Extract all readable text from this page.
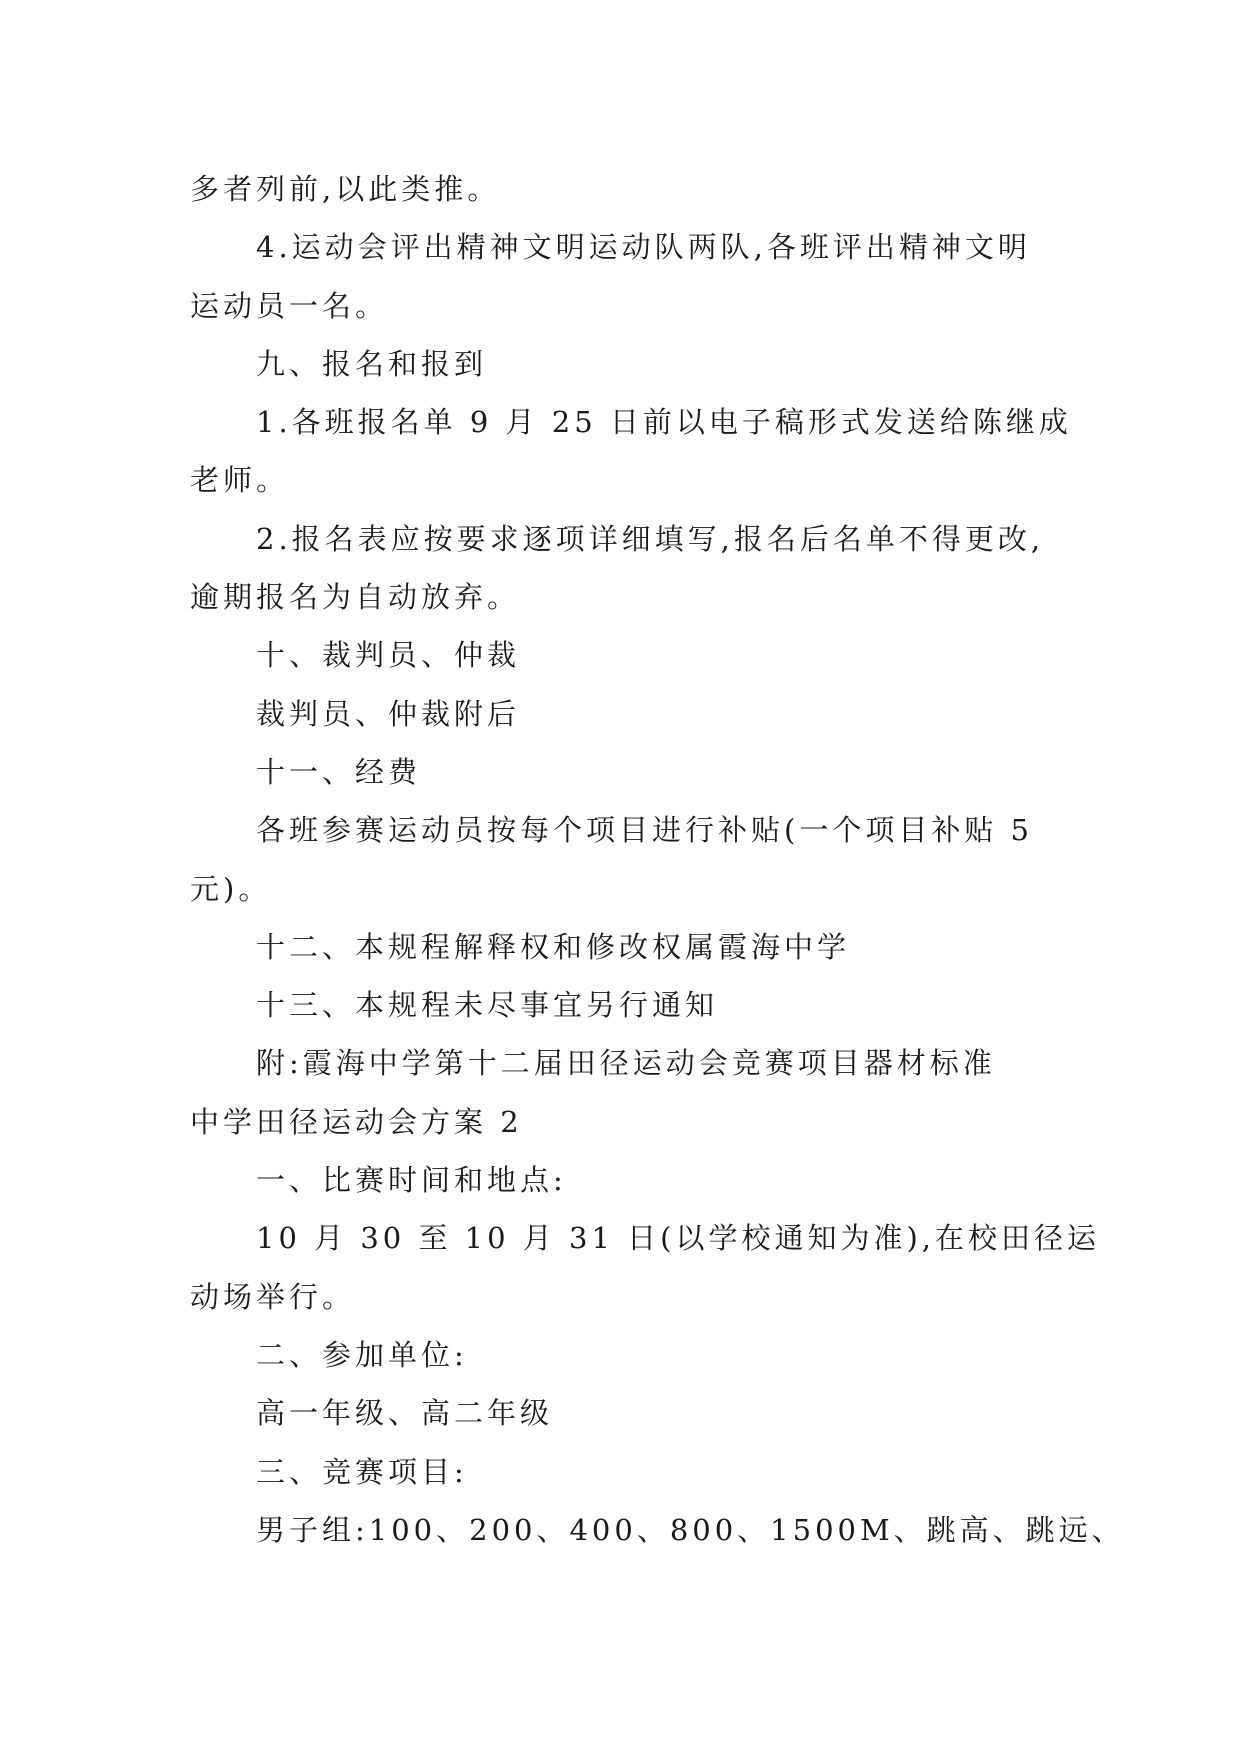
多者列前,以此类推。
4.运动会评出精神文明运动队两队,各班评出精神文明
运动员一名。
九、报名和报到
1.各班报名单 9 月 25 日前以电子稿形式发送给陈继成
老师。
2.报名表应按要求逐项详细填写,报名后名单不得更改,
逾期报名为自动放弃。
十、裁判员、仲裁
裁判员、仲裁附后
十一、经费
各班参赛运动员按每个项目进行补贴(一个项目补贴 5
元)。
十二、本规程解释权和修改权属霞海中学
十三、本规程未尽事宜另行通知
附:霞海中学第十二届田径运动会竞赛项目器材标准
中学田径运动会方案 2
一、比赛时间和地点:
10 月 30 至 10 月 31 日(以学校通知为准),在校田径运
动场举行。
二、参加单位:
高一年级、高二年级
三、竞赛项目:
男子组:100、200、400、800、1500M、跳高、跳远、
